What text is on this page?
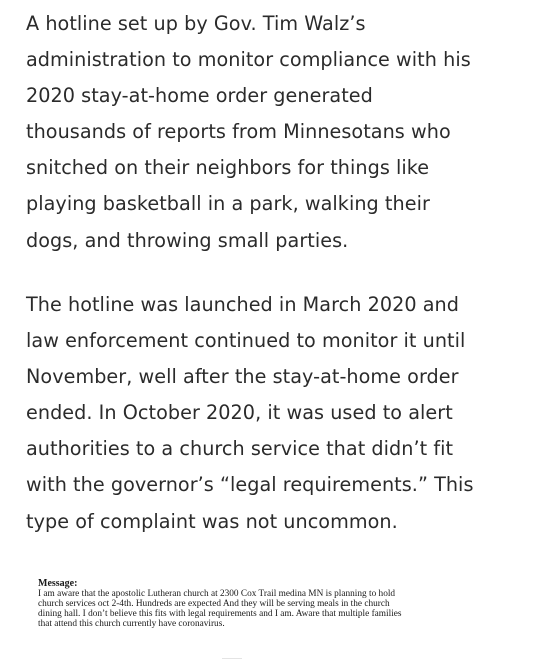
A hotline set up by Gov. Tim Walz’s
administration to monitor compliance with his
2020 stay-at-home order generated
thousands of reports from Minnesotans who
snitched on their neighbors for things like
playing basketball in a park, walking their
dogs, and throwing small parties.

The hotline was launched in March 2020 and
law enforcement continued to monitor it until
November, well after the stay-at-home order
ended. In October 2020, it was used to alert
authorities to a church service that didn’t fit
with the governor’s “legal requirements.” This
type of complaint was not uncommon.

Message:

I am aware that the apostolic Lutheran church at 2300 Cox Trail medina MN is planning to hold
church services oct 2-4th. Hundreds are expected And they will be serving meals in the church
dining hall. I don’t believe this fits with legal requirements and I am. Aware that multiple families
that attend this church currently have coronavirus.
